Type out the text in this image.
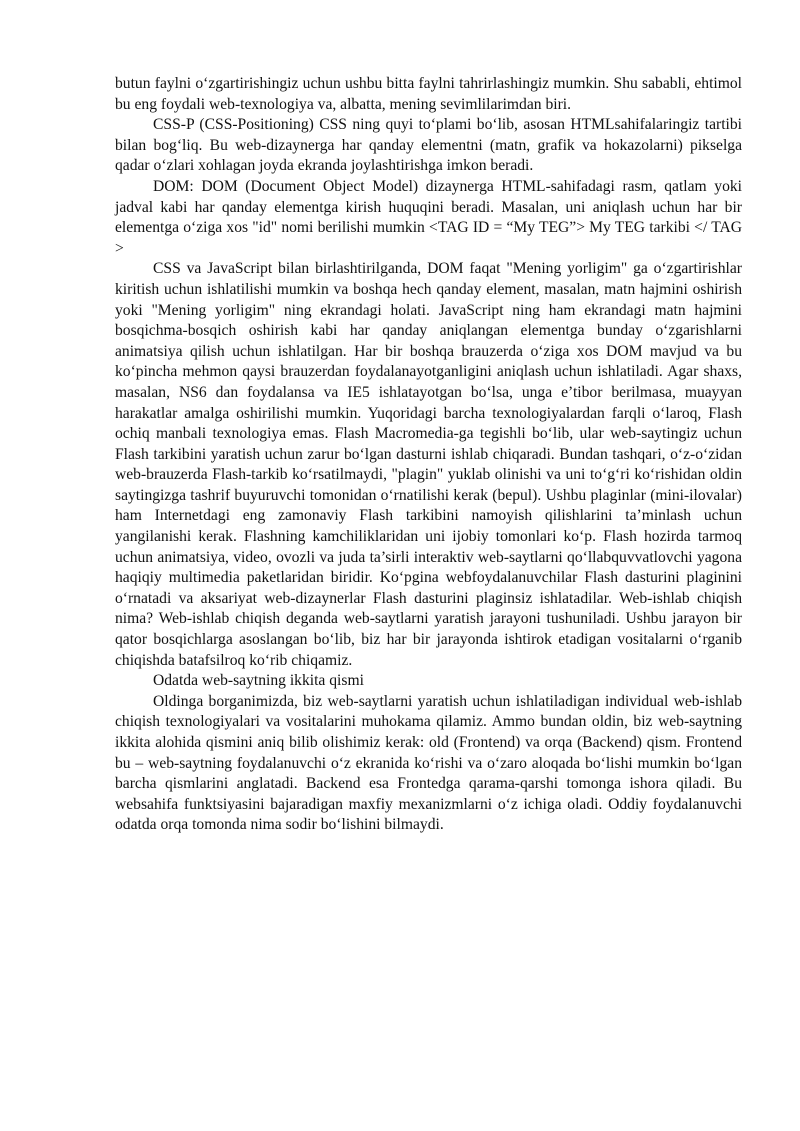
butun faylni o‘zgartirishingiz uchun ushbu bitta faylni tahrirlashingiz mumkin. Shu sababli, ehtimol bu eng foydali web-texnologiya va, albatta, mening sevimlilarimdan biri.

CSS-P (CSS-Positioning) CSS ning quyi to‘plami bo‘lib, asosan HTMLsahifalaringiz tartibi bilan bog‘liq. Bu web-dizaynerga har qanday elementni (matn, grafik va hokazolarni) pikselga qadar o‘zlari xohlagan joyda ekranda joylashtirishga imkon beradi.

DOM: DOM (Document Object Model) dizaynerga HTML-sahifadagi rasm, qatlam yoki jadval kabi har qanday elementga kirish huquqini beradi. Masalan, uni aniqlash uchun har bir elementga o‘ziga xos "id" nomi berilishi mumkin <TAG ID = “My TEG”> My TEG tarkibi </ TAG >

CSS va JavaScript bilan birlashtirilganda, DOM faqat "Mening yorligim" ga o‘zgartirishlar kiritish uchun ishlatilishi mumkin va boshqa hech qanday element, masalan, matn hajmini oshirish yoki "Mening yorligim" ning ekrandagi holati. JavaScript ning ham ekrandagi matn hajmini bosqichma-bosqich oshirish kabi har qanday aniqlangan elementga bunday o‘zgarishlarni animatsiya qilish uchun ishlatilgan. Har bir boshqa brauzerda o‘ziga xos DOM mavjud va bu ko‘pincha mehmon qaysi brauzerdan foydalanayotganligini aniqlash uchun ishlatiladi. Agar shaxs, masalan, NS6 dan foydalansa va IE5 ishlatayotgan bo‘lsa, unga e’tibor berilmasa, muayyan harakatlar amalga oshirilishi mumkin. Yuqoridagi barcha texnologiyalardan farqli o‘laroq, Flash ochiq manbali texnologiya emas. Flash Macromedia-ga tegishli bo‘lib, ular web-saytingiz uchun Flash tarkibini yaratish uchun zarur bo‘lgan dasturni ishlab chiqaradi. Bundan tashqari, o‘z-o‘zidan web-brauzerda Flash-tarkib ko‘rsatilmaydi, "plagin" yuklab olinishi va uni to‘g‘ri ko‘rishidan oldin saytingizga tashrif buyuruvchi tomonidan o‘rnatilishi kerak (bepul). Ushbu plaginlar (mini-ilovalar) ham Internetdagi eng zamonaviy Flash tarkibini namoyish qilishlarini ta’minlash uchun yangilanishi kerak. Flashning kamchiliklaridan uni ijobiy tomonlari ko‘p. Flash hozirda tarmoq uchun animatsiya, video, ovozli va juda ta’sirli interaktiv web-saytlarni qo‘llabquvvatlovchi yagona haqiqiy multimedia paketlaridan biridir. Ko‘pgina webfoydalanuvchilar Flash dasturini plaginini o‘rnatadi va aksariyat web-dizaynerlar Flash dasturini plaginsiz ishlatadilar. Web-ishlab chiqish nima? Web-ishlab chiqish deganda web-saytlarni yaratish jarayoni tushuniladi. Ushbu jarayon bir qator bosqichlarga asoslangan bo‘lib, biz har bir jarayonda ishtirok etadigan vositalarni o‘rganib chiqishda batafsilroq ko‘rib chiqamiz.

Odatda web-saytning ikkita qismi

Oldinga borganimizda, biz web-saytlarni yaratish uchun ishlatiladigan individual web-ishlab chiqish texnologiyalari va vositalarini muhokama qilamiz. Ammo bundan oldin, biz web-saytning ikkita alohida qismini aniq bilib olishimiz kerak: old (Frontend) va orqa (Backend) qism. Frontend bu – web-saytning foydalanuvchi o‘z ekranida ko‘rishi va o‘zaro aloqada bo‘lishi mumkin bo‘lgan barcha qismlarini anglatadi. Backend esa Frontedga qarama-qarshi tomonga ishora qiladi. Bu websahifa funktsiyasini bajaradigan maxfiy mexanizmlarni o‘z ichiga oladi. Oddiy foydalanuvchi odatda orqa tomonda nima sodir bo‘lishini bilmaydi.
